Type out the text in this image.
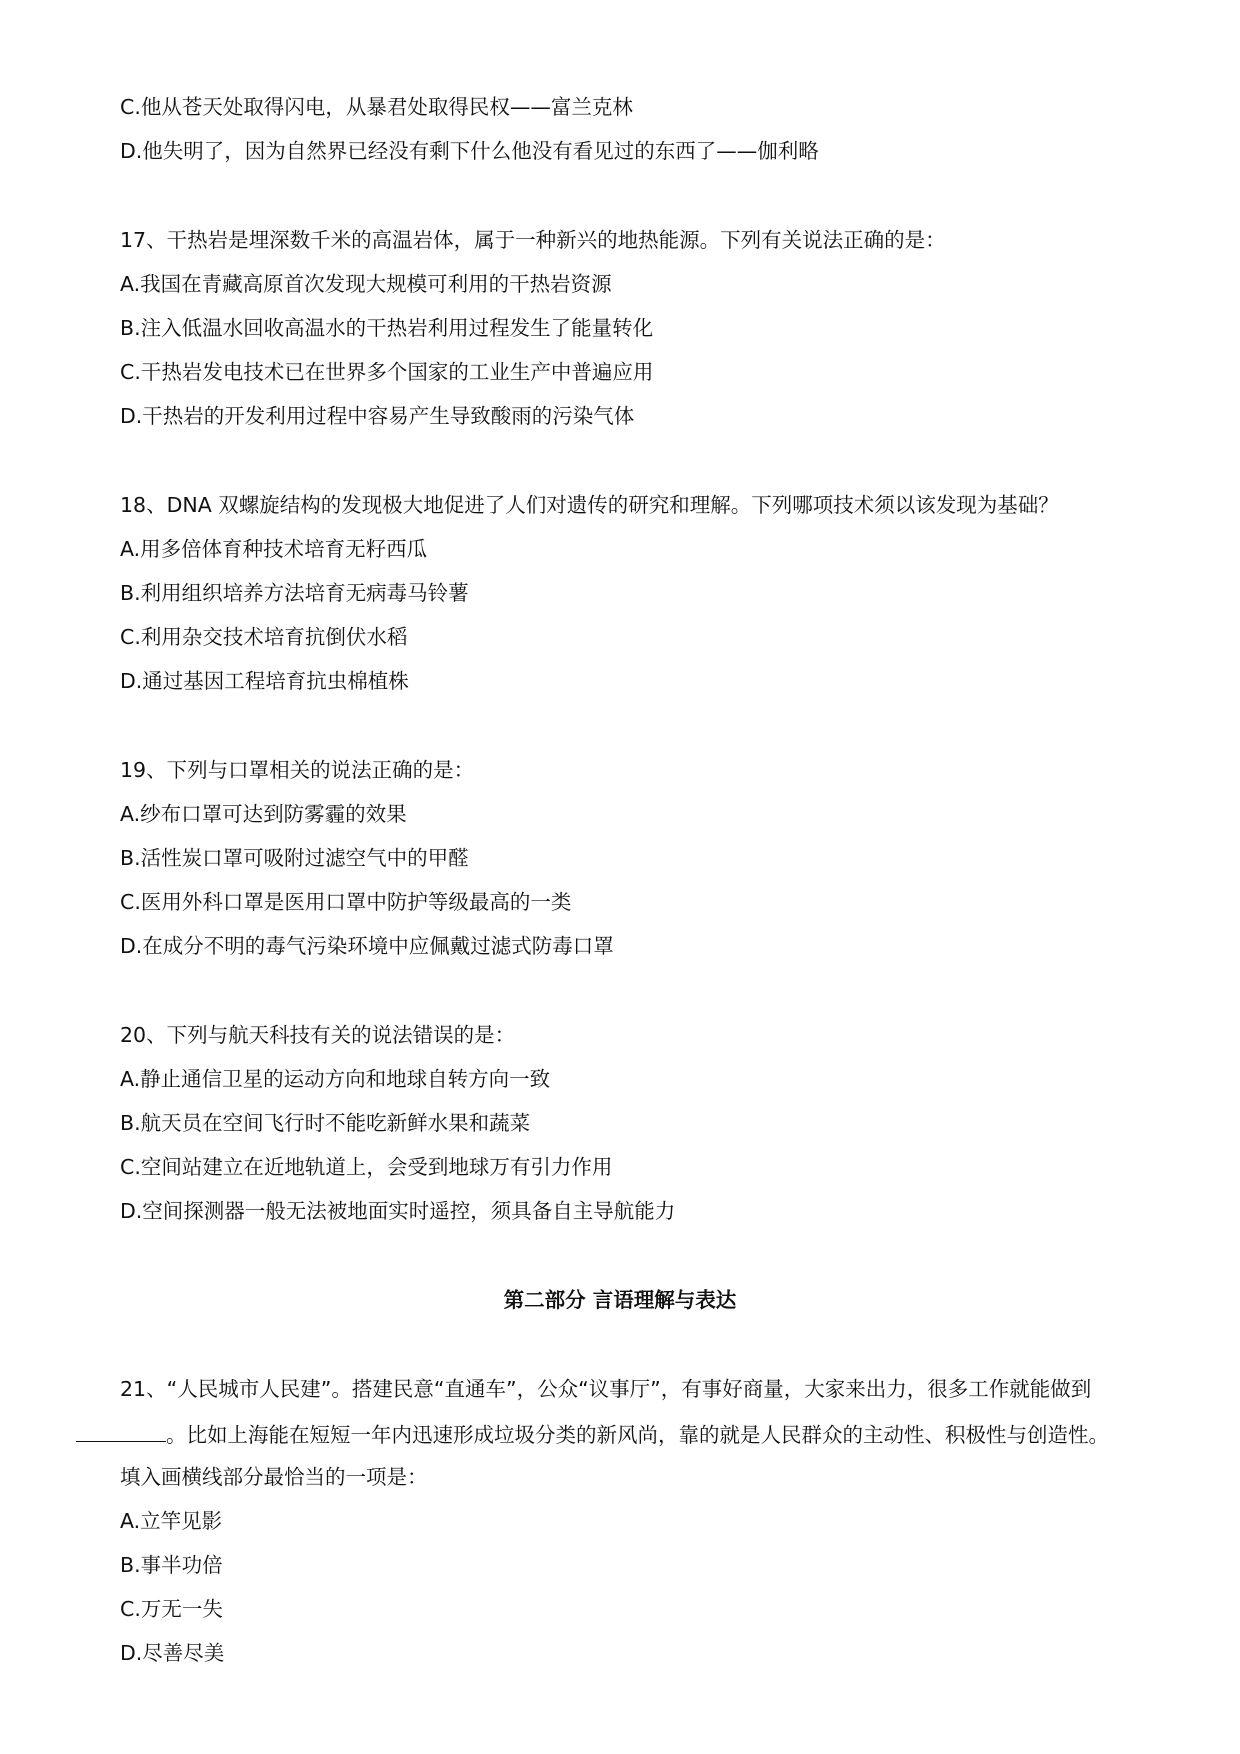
C.他从苍天处取得闪电，从暴君处取得民权——富兰克林
D.他失明了，因为自然界已经没有剩下什么他没有看见过的东西了——伽利略
17、干热岩是埋深数千米的高温岩体，属于一种新兴的地热能源。下列有关说法正确的是：
A.我国在青藏高原首次发现大规模可利用的干热岩资源
B.注入低温水回收高温水的干热岩利用过程发生了能量转化
C.干热岩发电技术已在世界多个国家的工业生产中普遍应用
D.干热岩的开发利用过程中容易产生导致酸雨的污染气体
18、DNA 双螺旋结构的发现极大地促进了人们对遗传的研究和理解。下列哪项技术须以该发现为基础？
A.用多倍体育种技术培育无籽西瓜
B.利用组织培养方法培育无病毒马铃薯
C.利用杂交技术培育抗倒伏水稻
D.通过基因工程培育抗虫棉植株
19、下列与口罩相关的说法正确的是：
A.纱布口罩可达到防雾霾的效果
B.活性炭口罩可吸附过滤空气中的甲醛
C.医用外科口罩是医用口罩中防护等级最高的一类
D.在成分不明的毒气污染环境中应佩戴过滤式防毒口罩
20、下列与航天科技有关的说法错误的是：
A.静止通信卫星的运动方向和地球自转方向一致
B.航天员在空间飞行时不能吃新鲜水果和蔬菜
C.空间站建立在近地轨道上，会受到地球万有引力作用
D.空间探测器一般无法被地面实时遥控，须具备自主导航能力
第二部分 言语理解与表达
21、“人民城市人民建”。搭建民意“直通车”，公众“议事厅”，有事好商量，大家来出力，很多工作就能做到
。比如上海能在短短一年内迅速形成垃圾分类的新风尚，靠的就是人民群众的主动性、积极性与创造性。
填入画横线部分最恰当的一项是：
A.立竿见影
B.事半功倍
C.万无一失
D.尽善尽美
